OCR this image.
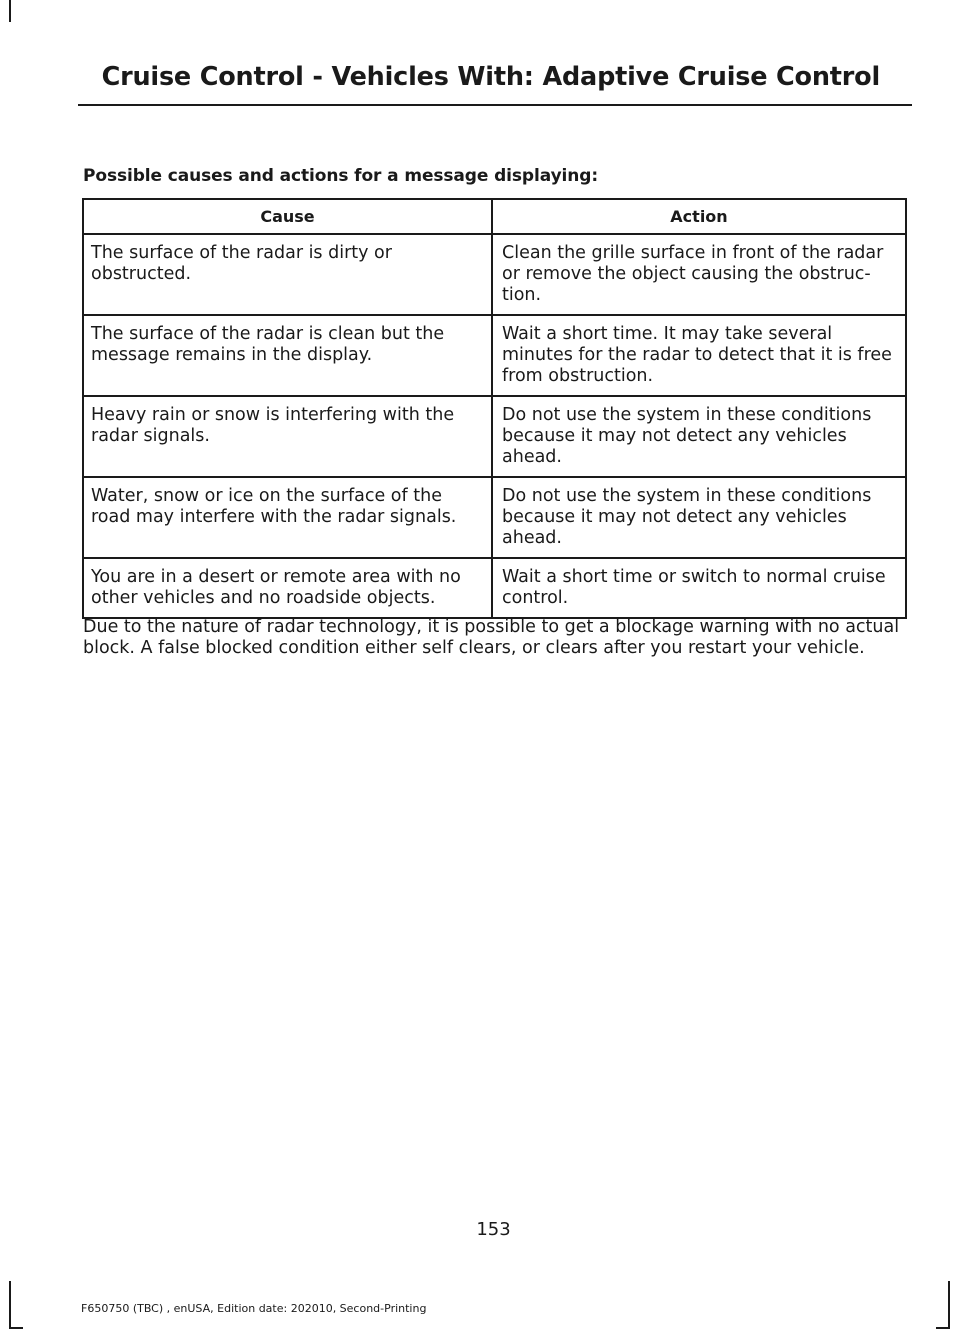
Cruise Control - Vehicles With: Adaptive Cruise Control
Possible causes and actions for a message displaying:
Cause	Action
The surface of the radar is dirty or obstructed.	Clean the grille surface in front of the radar or remove the object causing the obstruc-tion.
The surface of the radar is clean but the message remains in the display.	Wait a short time. It may take several minutes for the radar to detect that it is free from obstruction.
Heavy rain or snow is interfering with the radar signals.	Do not use the system in these conditions because it may not detect any vehicles ahead.
Water, snow or ice on the surface of the road may interfere with the radar signals.	Do not use the system in these conditions because it may not detect any vehicles ahead.
You are in a desert or remote area with no other vehicles and no roadside objects.	Wait a short time or switch to normal cruise control.
Due to the nature of radar technology, it is possible to get a blockage warning with no actual block. A false blocked condition either self clears, or clears after you restart your vehicle.
153
F650750 (TBC) , enUSA, Edition date: 202010, Second-Printing
